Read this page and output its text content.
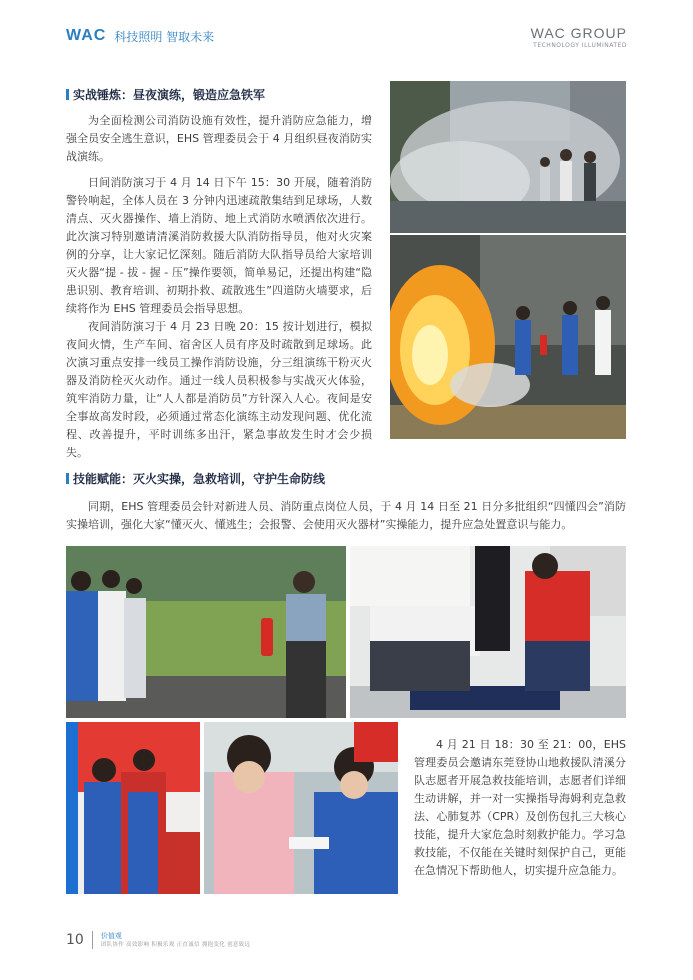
WAC 科技照明 智取未来	WAC GROUP
TECHNOLOGY ILLUMINATED
实战锤炼：昼夜演练，锻造应急铁军

为全面检测公司消防设施有效性，提升消防应急能力，增强全员安全逃生意识，EHS 管理委员会于 4 月组织昼夜消防实战演练。

日间消防演习于 4 月 14 日下午 15：30 开展，随着消防警铃响起，全体人员在 3 分钟内迅速疏散集结到足球场，人数清点、灭火器操作、墙上消防、地上式消防水喷洒依次进行。此次演习特别邀请清溪消防救援大队消防指导员，他对火灾案例的分享，让大家记忆深刻。随后消防大队指导员给大家培训灭火器“提 - 拔 - 握 - 压”操作要领，简单易记，还提出构建“隐患识别、教育培训、初期扑救、疏散逃生”四道防火墙要求，后续将作为 EHS 管理委员会指导思想。

夜间消防演习于 4 月 23 日晚 20：15 按计划进行，模拟夜间火情，生产车间、宿舍区人员有序及时疏散到足球场。此次演习重点安排一线员工操作消防设施，分三组演练干粉灭火器及消防栓灭火动作。通过一线人员积极参与实战灭火体验，筑牢消防力量，让“人人都是消防员”方针深入人心。夜间是安全事故高发时段，必须通过常态化演练主动发现问题、优化流程、改善提升，平时训练多出汗，紧急事故发生时才会少损失。

技能赋能：灭火实操，急救培训，守护生命防线

同期，EHS 管理委员会针对新进人员、消防重点岗位人员，于 4 月 14 日至 21 日分多批组织“四懂四会”消防实操培训，强化大家“懂灭火、懂逃生；会报警、会使用灭火器材”实操能力，提升应急处置意识与能力。

4 月 21 日 18：30 至 21：00，EHS 管理委员会邀请东莞登协山地救援队清溪分队志愿者开展急救技能培训，志愿者们详细生动讲解，并一对一实操指导海姆利克急救法、心肺复苏（CPR）及创伤包扎三大核心技能，提升大家危急时刻救护能力。学习急救技能，不仅能在关键时刻保护自己，更能在急情况下帮助他人，切实提升应急能力。

10 价值观
团队协作 高效影响 积极乐观 正直诚信 拥抱变化 创意致远
